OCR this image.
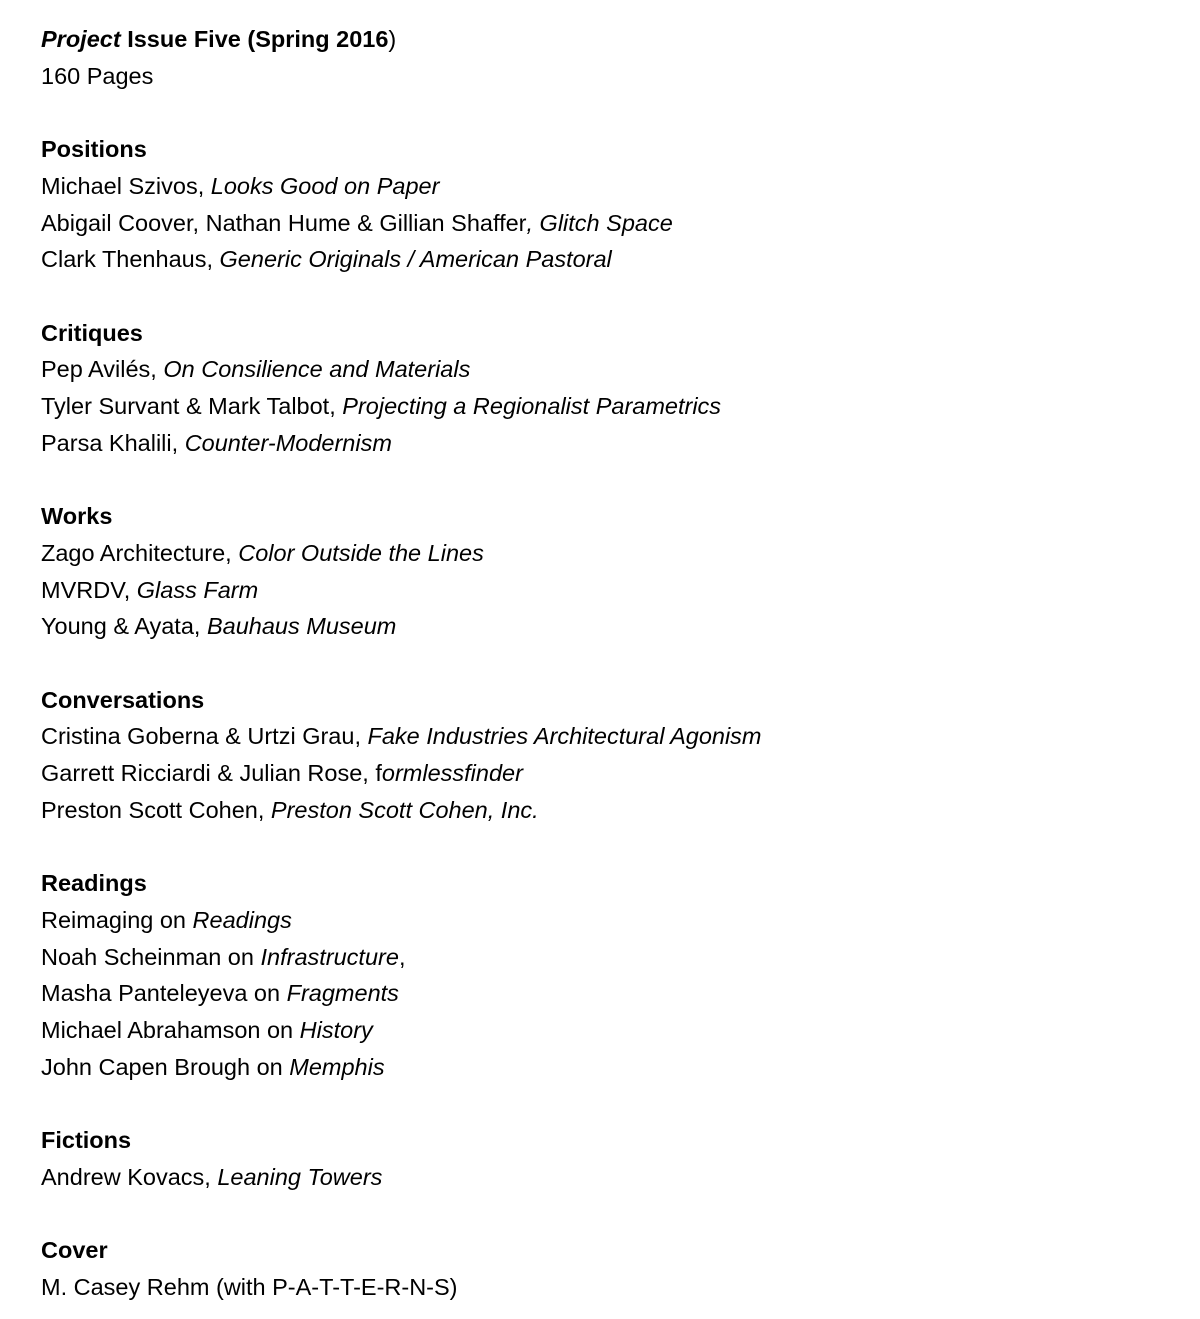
Project Issue Five (Spring 2016)
160 Pages
Positions
Michael Szivos, Looks Good on Paper
Abigail Coover, Nathan Hume & Gillian Shaffer, Glitch Space
Clark Thenhaus, Generic Originals / American Pastoral
Critiques
Pep Avilés, On Consilience and Materials
Tyler Survant & Mark Talbot, Projecting a Regionalist Parametrics
Parsa Khalili, Counter-Modernism
Works
Zago Architecture, Color Outside the Lines
MVRDV, Glass Farm
Young & Ayata, Bauhaus Museum
Conversations
Cristina Goberna & Urtzi Grau, Fake Industries Architectural Agonism
Garrett Ricciardi & Julian Rose, formlessfinder
Preston Scott Cohen, Preston Scott Cohen, Inc.
Readings
Reimaging on Readings
Noah Scheinman on Infrastructure,
Masha Panteleyeva on Fragments
Michael Abrahamson on History
John Capen Brough on Memphis
Fictions
Andrew Kovacs, Leaning Towers
Cover
M. Casey Rehm (with P-A-T-T-E-R-N-S)
